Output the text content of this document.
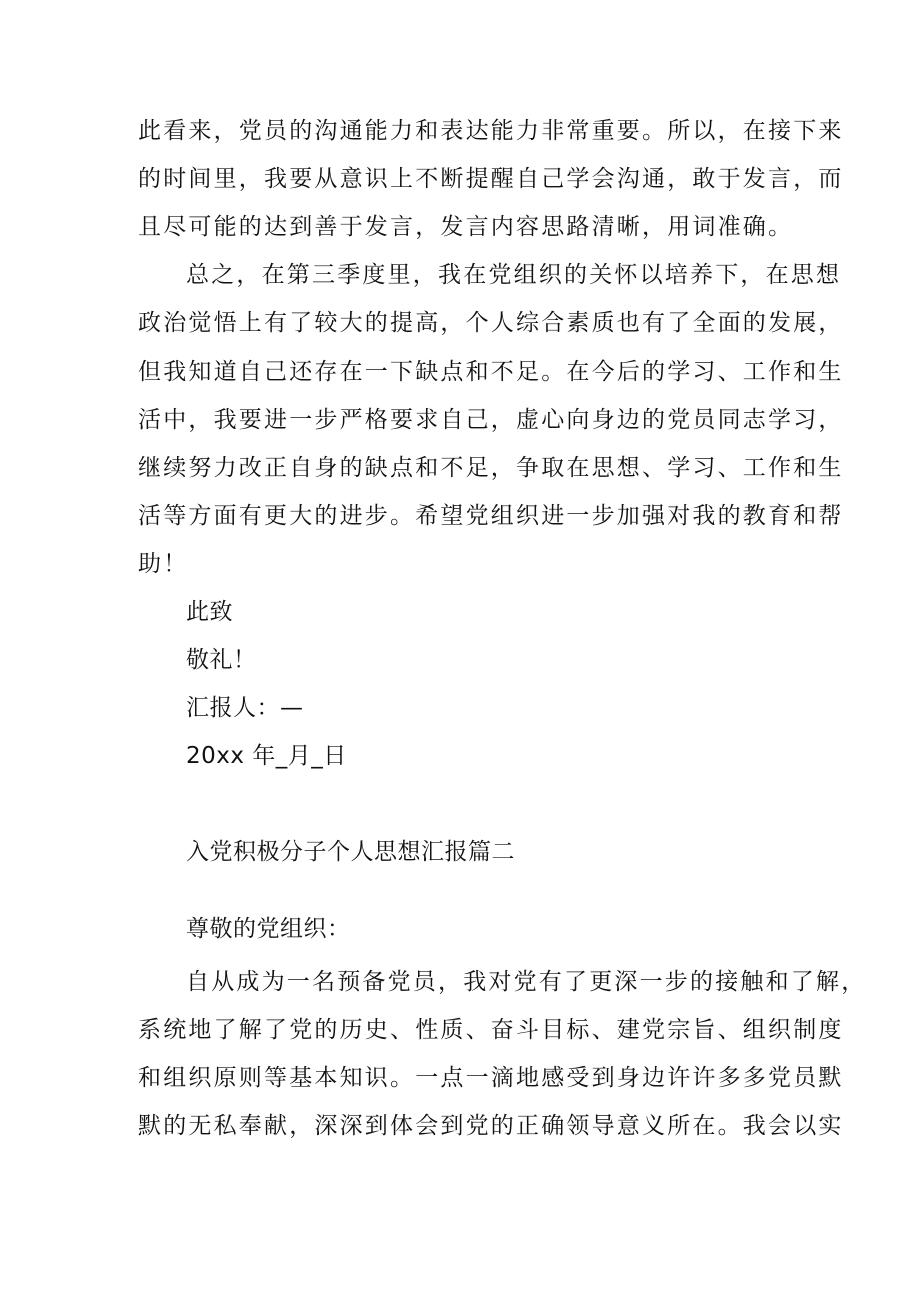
此看来，党员的沟通能力和表达能力非常重要。所以，在接下来
的时间里，我要从意识上不断提醒自己学会沟通，敢于发言，而
且尽可能的达到善于发言，发言内容思路清晰，用词准确。
总之，在第三季度里，我在党组织的关怀以培养下，在思想
政治觉悟上有了较大的提高，个人综合素质也有了全面的发展，
但我知道自己还存在一下缺点和不足。在今后的学习、工作和生
活中，我要进一步严格要求自己，虚心向身边的党员同志学习，
继续努力改正自身的缺点和不足，争取在思想、学习、工作和生
活等方面有更大的进步。希望党组织进一步加强对我的教育和帮
助！
此致
敬礼！
汇报人：—
20xx 年_月_日
入党积极分子个人思想汇报篇二
尊敬的党组织：
自从成为一名预备党员，我对党有了更深一步的接触和了解，
系统地了解了党的历史、性质、奋斗目标、建党宗旨、组织制度
和组织原则等基本知识。一点一滴地感受到身边许许多多党员默
默的无私奉献，深深到体会到党的正确领导意义所在。我会以实
